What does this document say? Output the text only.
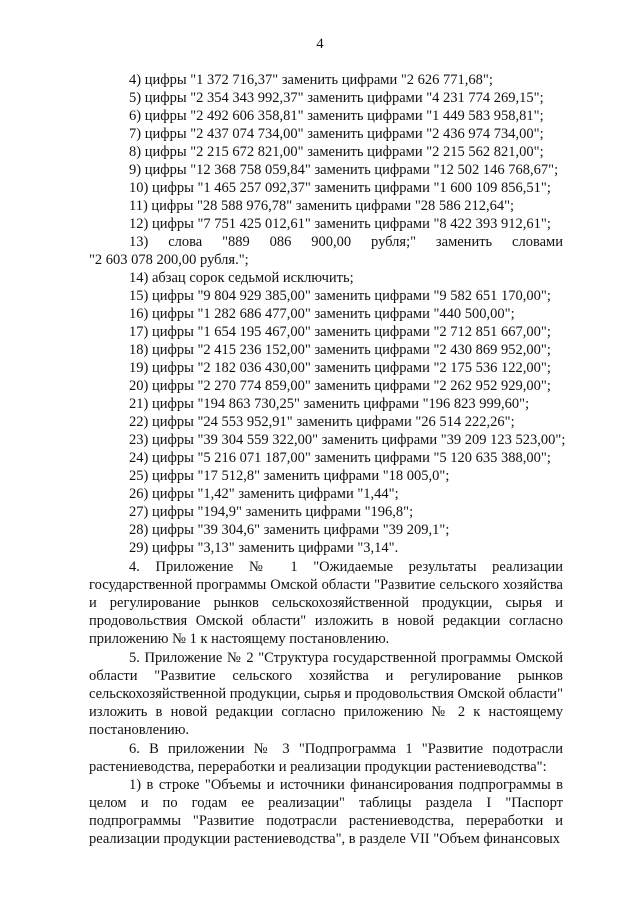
4

4) цифры "1 372 716,37" заменить цифрами "2 626 771,68";

5) цифры "2 354 343 992,37" заменить цифрами "4 231 774 269,15";

6) цифры "2 492 606 358,81" заменить цифрами "1 449 583 958,81";

7) цифры "2 437 074 734,00" заменить цифрами "2 436 974 734,00";

8) цифры "2 215 672 821,00" заменить цифрами "2 215 562 821,00";

9) цифры "12 368 758 059,84" заменить цифрами "12 502 146 768,67";

10) цифры "1 465 257 092,37" заменить цифрами "1 600 109 856,51";

11) цифры "28 588 976,78" заменить цифрами "28 586 212,64";

12) цифры "7 751 425 012,61" заменить цифрами "8 422 393 912,61";

13) слова "889 086 900,00 рубля;" заменить словами

"2 603 078 200,00 рубля.";

14) абзац сорок седьмой исключить;

15) цифры "9 804 929 385,00" заменить цифрами "9 582 651 170,00";

16) цифры "1 282 686 477,00" заменить цифрами "440 500,00";

17) цифры "1 654 195 467,00" заменить цифрами "2 712 851 667,00";

18) цифры "2 415 236 152,00" заменить цифрами "2 430 869 952,00";

19) цифры "2 182 036 430,00" заменить цифрами "2 175 536 122,00";

20) цифры "2 270 774 859,00" заменить цифрами "2 262 952 929,00";

21) цифры "194 863 730,25" заменить цифрами "196 823 999,60";

22) цифры "24 553 952,91" заменить цифрами "26 514 222,26";

23) цифры "39 304 559 322,00" заменить цифрами "39 209 123 523,00";

24) цифры "5 216 071 187,00" заменить цифрами "5 120 635 388,00";

25) цифры "17 512,8" заменить цифрами "18 005,0";

26) цифры "1,42" заменить цифрами "1,44";

27) цифры "194,9" заменить цифрами "196,8";

28) цифры "39 304,6" заменить цифрами "39 209,1";

29) цифры "3,13" заменить цифрами "3,14".

4. Приложение № 1 "Ожидаемые результаты реализации государственной программы Омской области "Развитие сельского хозяйства и регулирование рынков сельскохозяйственной продукции, сырья и продовольствия Омской области" изложить в новой редакции согласно приложению № 1 к настоящему постановлению.

5. Приложение № 2 "Структура государственной программы Омской области "Развитие сельского хозяйства и регулирование рынков сельскохозяйственной продукции, сырья и продовольствия Омской области" изложить в новой редакции согласно приложению № 2 к настоящему постановлению.

6. В приложении № 3 "Подпрограмма 1 "Развитие подотрасли растениеводства, переработки и реализации продукции растениеводства":

1) в строке "Объемы и источники финансирования подпрограммы в целом и по годам ее реализации" таблицы раздела I "Паспорт подпрограммы "Развитие подотрасли растениеводства, переработки и реализации продукции растениеводства", в разделе VII "Объем финансовых
